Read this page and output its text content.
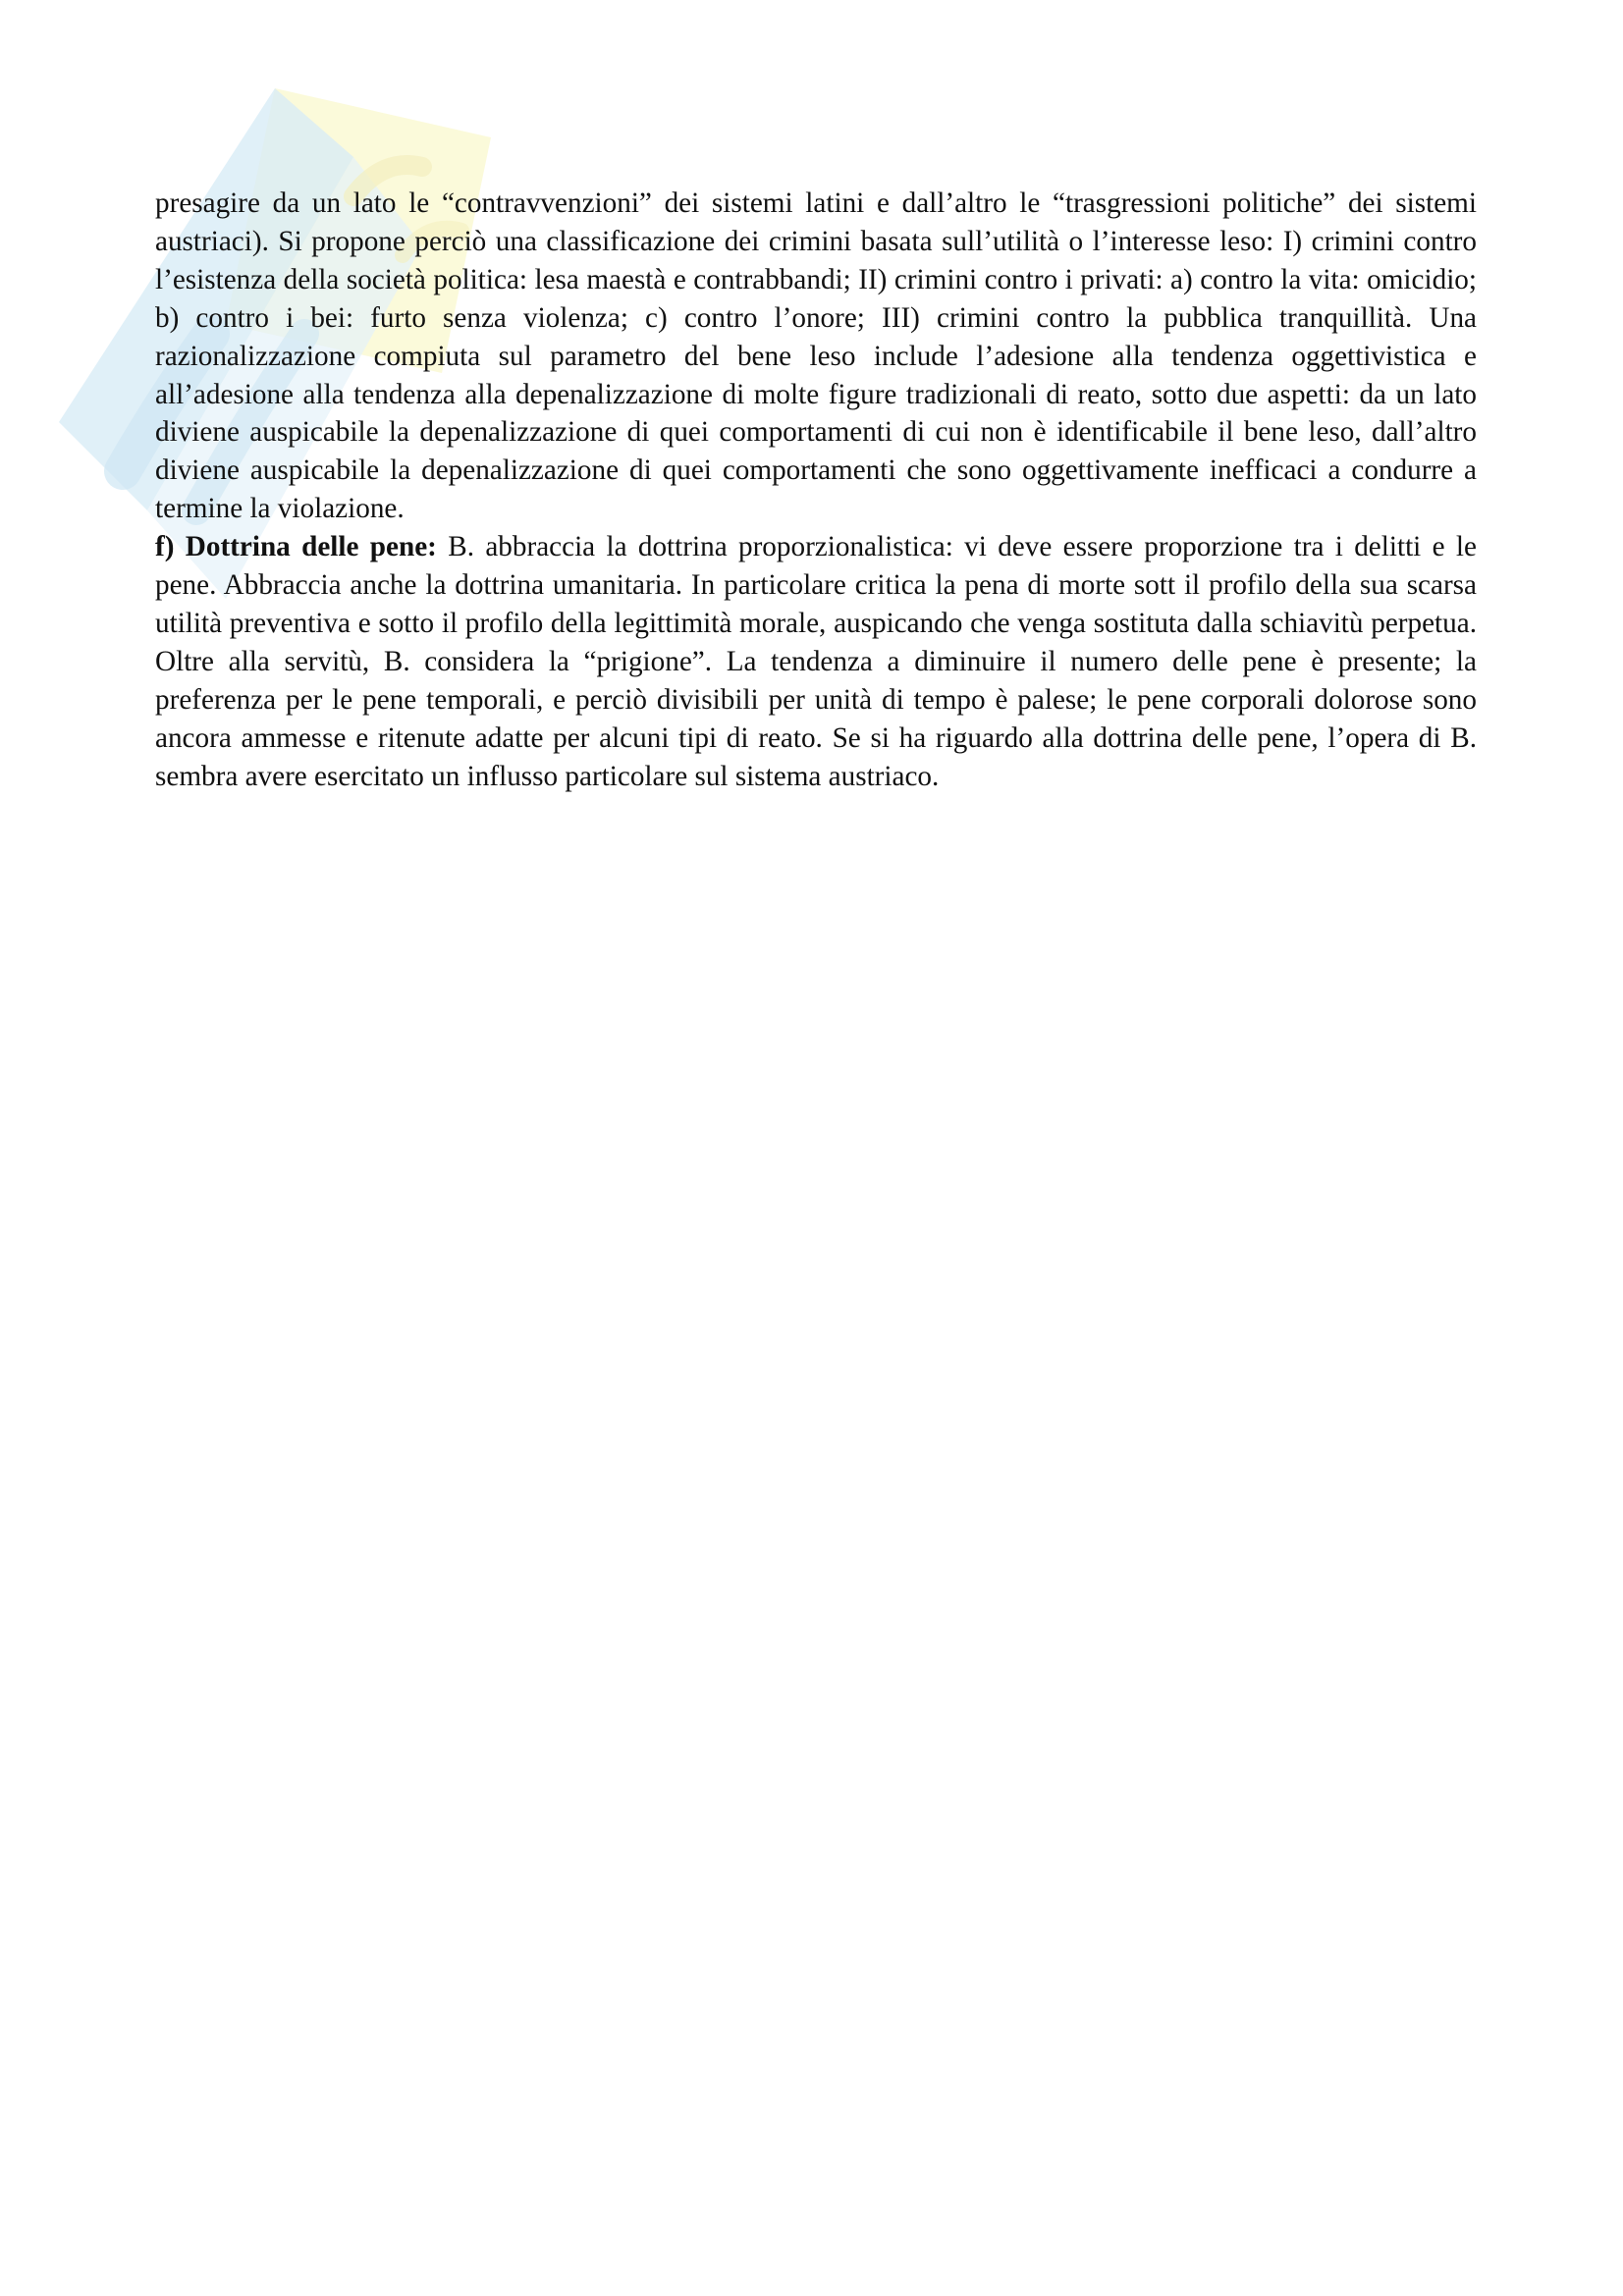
presagire da un lato le “contravvenzioni” dei sistemi latini e dall’altro le “trasgressioni politiche” dei sistemi austriaci). Si propone perciò una classificazione dei crimini basata sull’utilità o l’interesse leso: I) crimini contro l’esistenza della società politica: lesa maestà e contrabbandi; II) crimini contro i privati: a) contro la vita: omicidio; b) contro i bei: furto senza violenza; c) contro l’onore; III) crimini contro la pubblica tranquillità. Una razionalizzazione compiuta sul parametro del bene leso include l’adesione alla tendenza oggettivistica e all’adesione alla tendenza alla depenalizzazione di molte figure tradizionali di reato, sotto due aspetti: da un lato diviene auspicabile la depenalizzazione di quei comportamenti di cui non è identificabile il bene leso, dall’altro diviene auspicabile la depenalizzazione di quei comportamenti che sono oggettivamente inefficaci a condurre a termine la violazione.

f) Dottrina delle pene: B. abbraccia la dottrina proporzionalistica: vi deve essere proporzione tra i delitti e le pene. Abbraccia anche la dottrina umanitaria. In particolare critica la pena di morte sott il profilo della sua scarsa utilità preventiva e sotto il profilo della legittimità morale, auspicando che venga sostituta dalla schiavitù perpetua. Oltre alla servitù, B. considera la “prigione”. La tendenza a diminuire il numero delle pene è presente; la preferenza per le pene temporali, e perciò divisibili per unità di tempo è palese; le pene corporali dolorose sono ancora ammesse e ritenute adatte per alcuni tipi di reato. Se si ha riguardo alla dottrina delle pene, l’opera di B. sembra avere esercitato un influsso particolare sul sistema austriaco.
